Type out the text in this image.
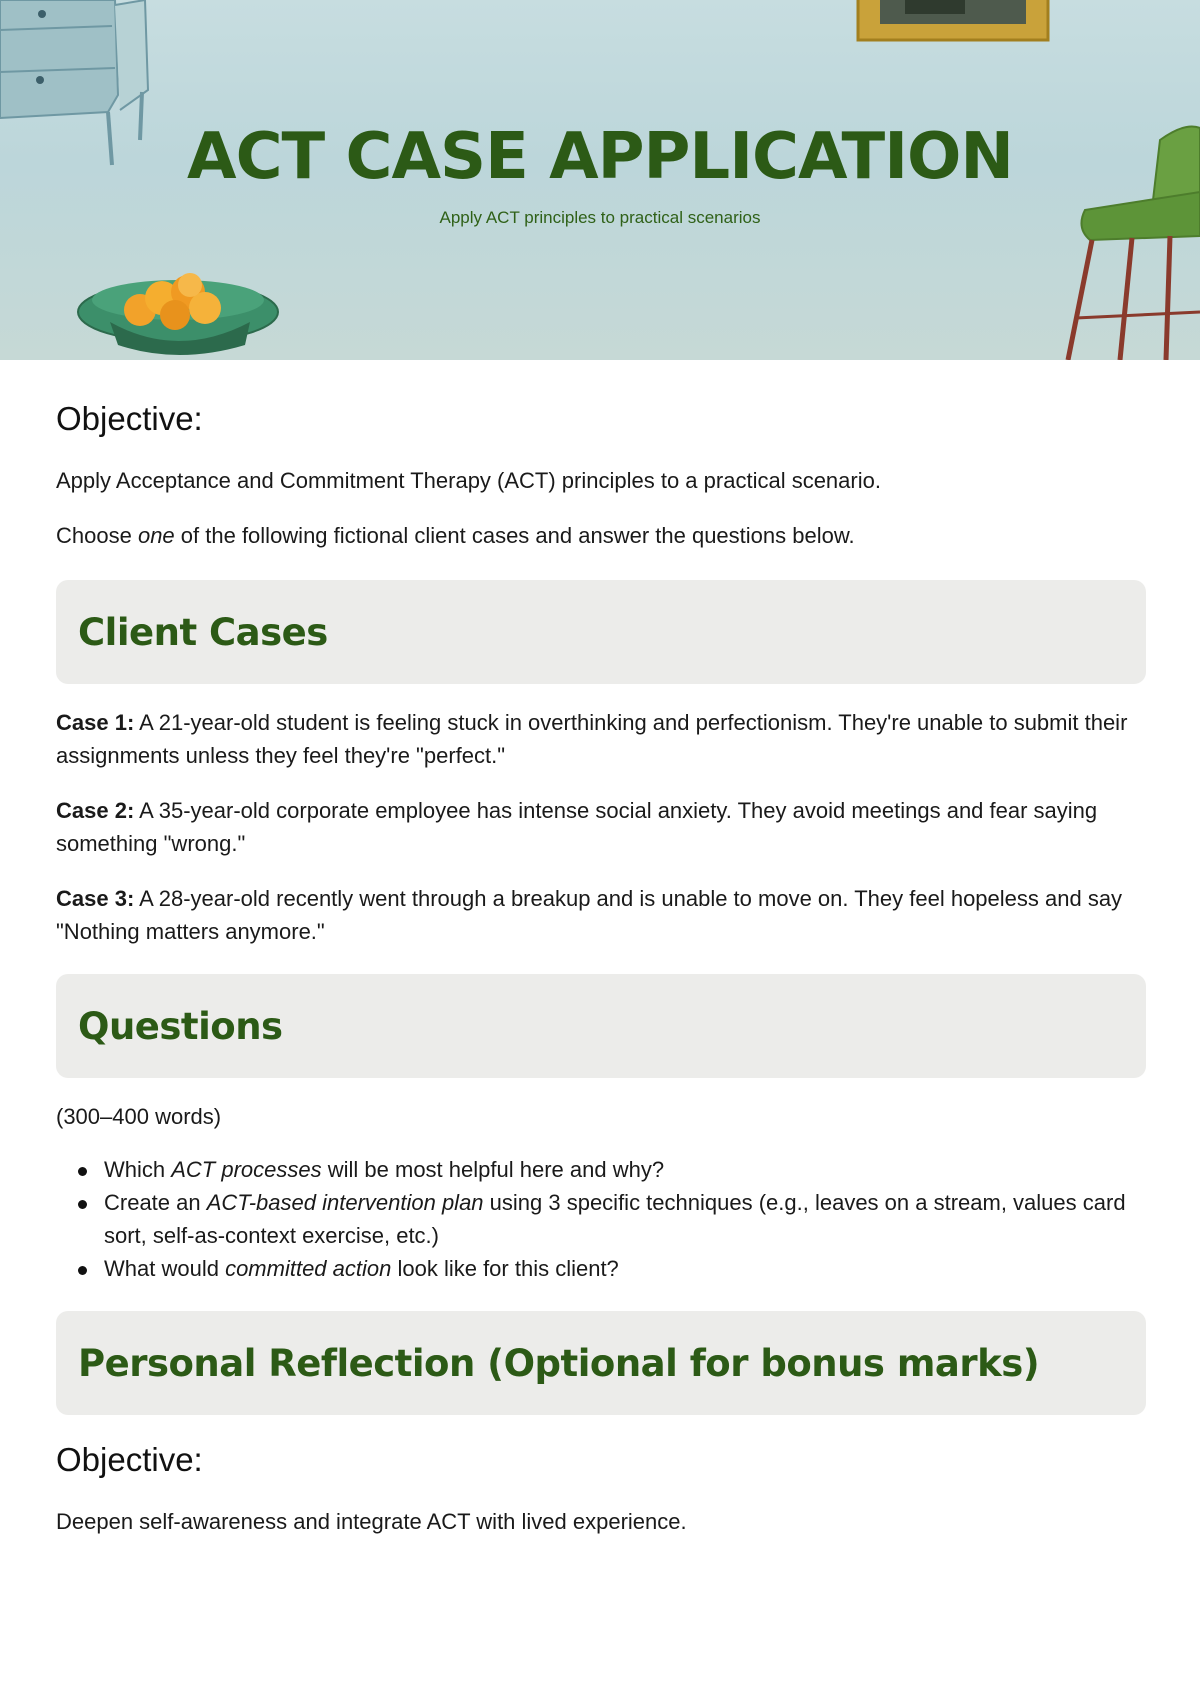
ACT CASE APPLICATION
Apply ACT principles to practical scenarios
Objective:

Apply Acceptance and Commitment Therapy (ACT) principles to a practical scenario.

Choose one of the following fictional client cases and answer the questions below.

Client Cases

Case 1: A 21-year-old student is feeling stuck in overthinking and perfectionism. They're unable to submit their assignments unless they feel they're "perfect."

Case 2: A 35-year-old corporate employee has intense social anxiety. They avoid meetings and fear saying something "wrong."

Case 3: A 28-year-old recently went through a breakup and is unable to move on. They feel hopeless and say "Nothing matters anymore."

Questions

(300–400 words)

Which ACT processes will be most helpful here and why?
Create an ACT-based intervention plan using 3 specific techniques (e.g., leaves on a stream, values card sort, self-as-context exercise, etc.)
What would committed action look like for this client?
Personal Reflection (Optional for bonus marks)
Objective:

Deepen self-awareness and integrate ACT with lived experience.
